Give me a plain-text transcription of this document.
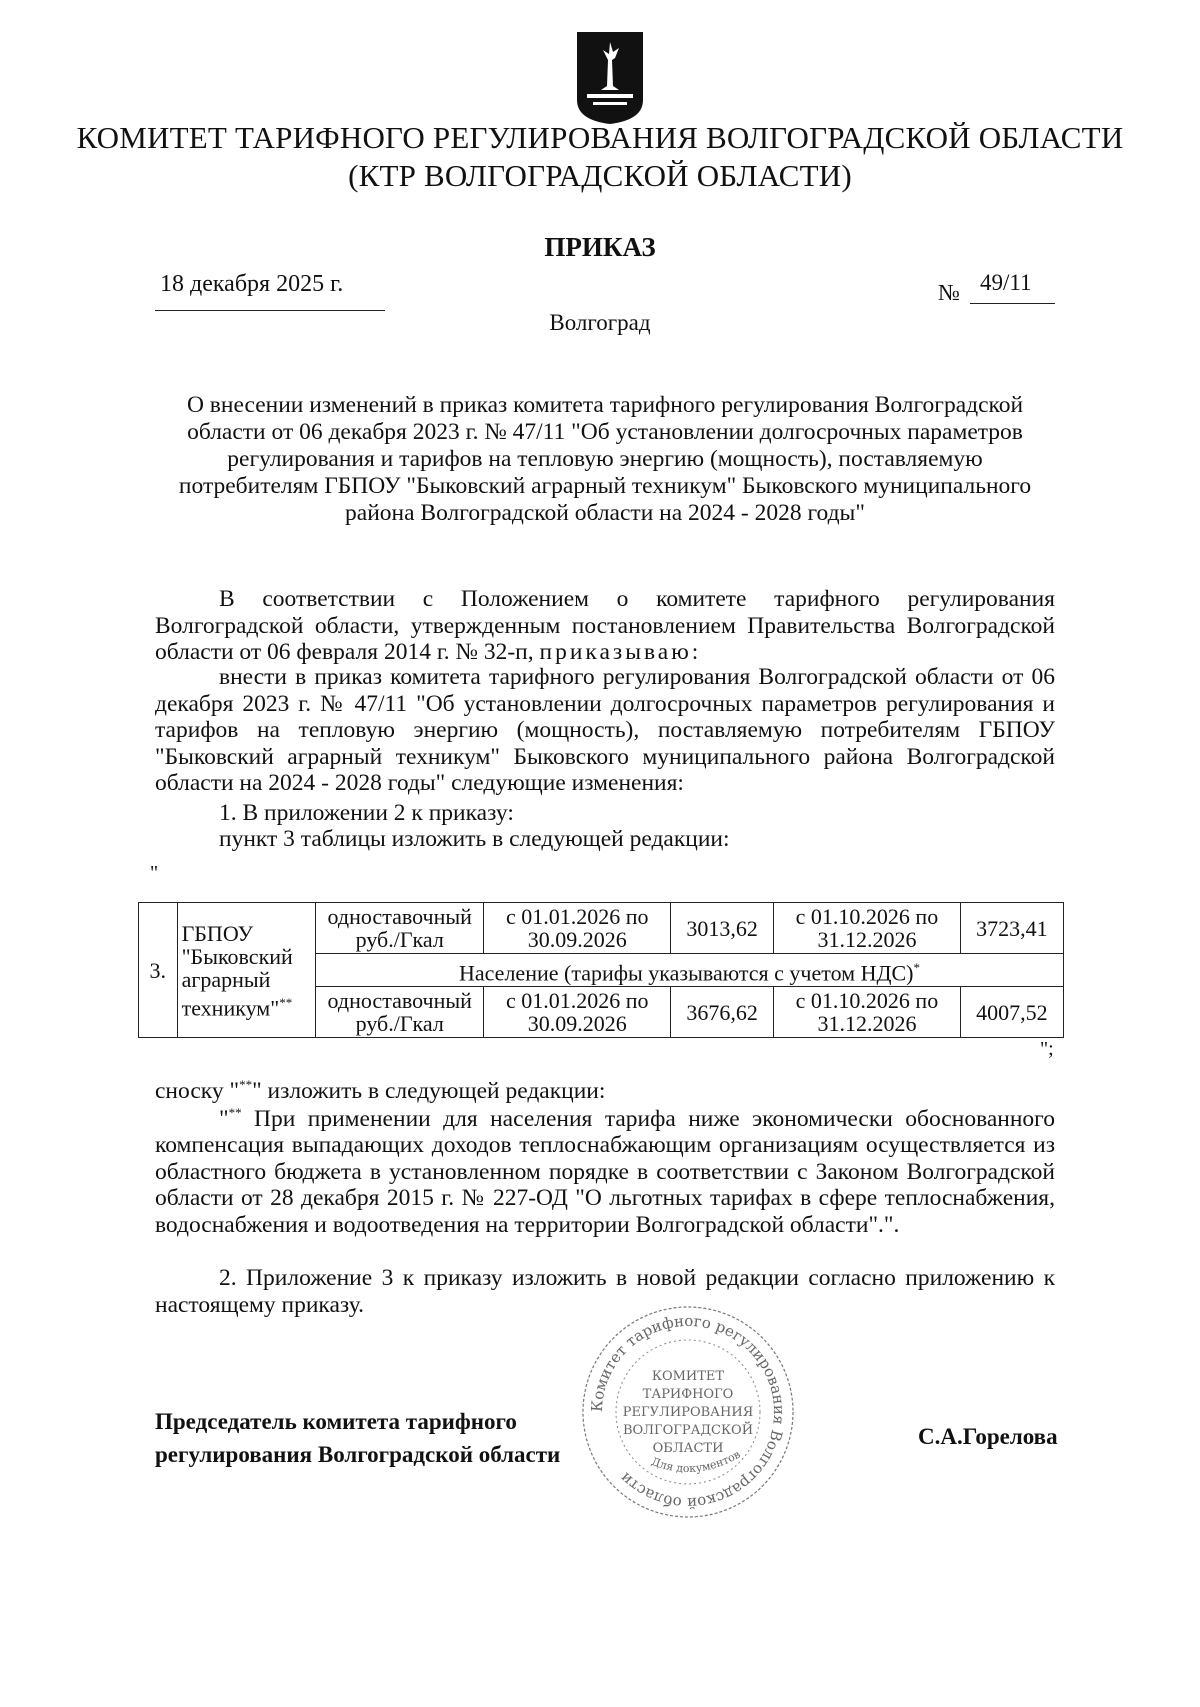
КОМИТЕТ ТАРИФНОГО РЕГУЛИРОВАНИЯ ВОЛГОГРАДСКОЙ ОБЛАСТИ
(КТР ВОЛГОГРАДСКОЙ ОБЛАСТИ)
ПРИКАЗ
18 декабря 2025 г.	№ 49/11
Волгоград
О внесении изменений в приказ комитета тарифного регулирования Волгоградской области от 06 декабря 2023 г. № 47/11 "Об установлении долгосрочных параметров регулирования и тарифов на тепловую энергию (мощность), поставляемую потребителям ГБПОУ "Быковский аграрный техникум" Быковского муниципального района Волгоградской области на 2024 - 2028 годы"
В соответствии с Положением о комитете тарифного регулирования Волгоградской области, утвержденным постановлением Правительства Волгоградской области от 06 февраля 2014 г. № 32-п, приказываю:
внести в приказ комитета тарифного регулирования Волгоградской области от 06 декабря 2023 г. № 47/11 "Об установлении долгосрочных параметров регулирования и тарифов на тепловую энергию (мощность), поставляемую потребителям ГБПОУ "Быковский аграрный техникум" Быковского муниципального района Волгоградской области на 2024 - 2028 годы" следующие изменения:
1. В приложении 2 к приказу:
пункт 3 таблицы изложить в следующей редакции:
"
3.	ГБПОУ "Быковский аграрный техникум"**	одноставочный руб./Гкал	с 01.01.2026 по 30.09.2026	3013,62	с 01.10.2026 по 31.12.2026	3723,41
		Население (тарифы указываются с учетом НДС)*
		одноставочный руб./Гкал	с 01.01.2026 по 30.09.2026	3676,62	с 01.10.2026 по 31.12.2026	4007,52
";
сноску "**" изложить в следующей редакции:
"** При применении для населения тарифа ниже экономически обоснованного компенсация выпадающих доходов теплоснабжающим организациям осуществляется из областного бюджета в установленном порядке в соответствии с Законом Волгоградской области от 28 декабря 2015 г. № 227-ОД "О льготных тарифах в сфере теплоснабжения, водоснабжения и водоотведения на территории Волгоградской области".".
2. Приложение 3 к приказу изложить в новой редакции согласно приложению к настоящему приказу.
Комитет тарифного регулирования Волгоградской области
КОМИТЕТ
ТАРИФНОГО
РЕГУЛИРОВАНИЯ
ВОЛГОГРАДСКОЙ
ОБЛАСТИ
Для документов
Председатель комитета тарифного
регулирования Волгоградской области
С.А.Горелова
